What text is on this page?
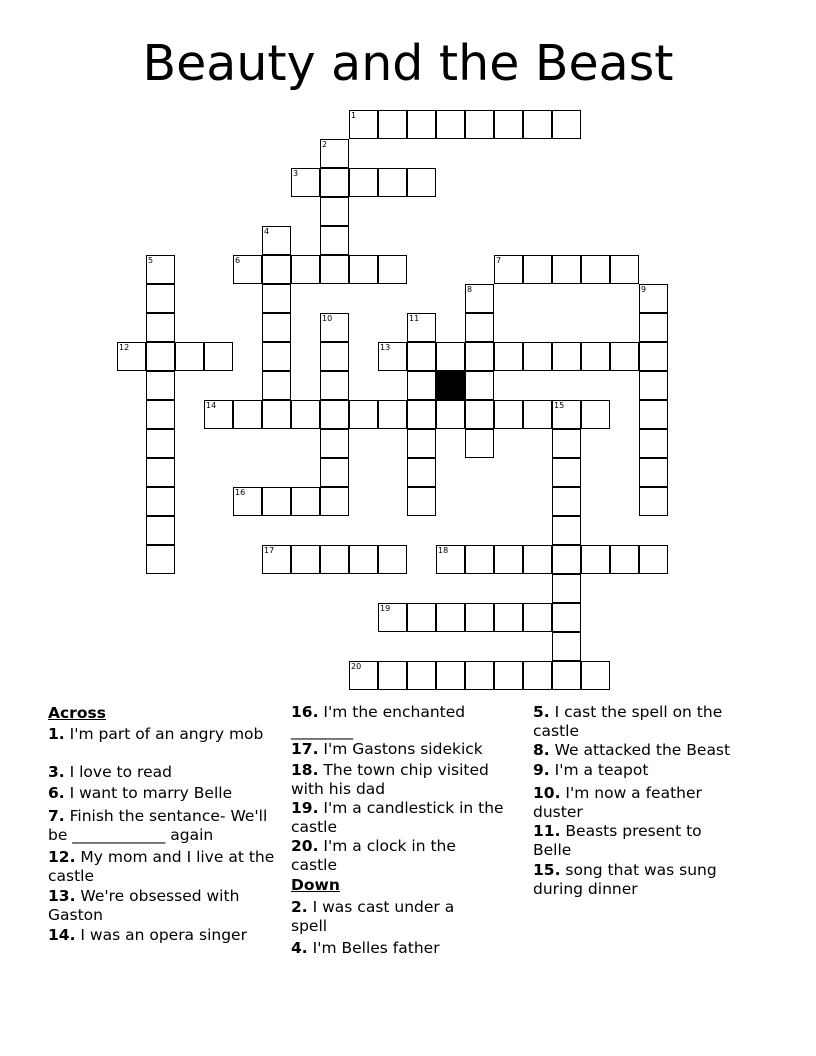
Beauty and the Beast
1
2
3
4
5	6	7
8	9
10	11
12	13
14	15
16
17	18
19
20
Across
1. I'm part of an angry mob
3. I love to read
6. I want to marry Belle
7. Finish the sentance- We'll be ____________ again
12. My mom and I live at the castle
13. We're obsessed with Gaston
14. I was an opera singer
16. I'm the enchanted ________
17. I'm Gastons sidekick
18. The town chip visited with his dad
19. I'm a candlestick in the castle
20. I'm a clock in the castle
Down
2. I was cast under a spell
4. I'm Belles father
5. I cast the spell on the castle
8. We attacked the Beast
9. I'm a teapot
10. I'm now a feather duster
11. Beasts present to Belle
15. song that was sung during dinner
